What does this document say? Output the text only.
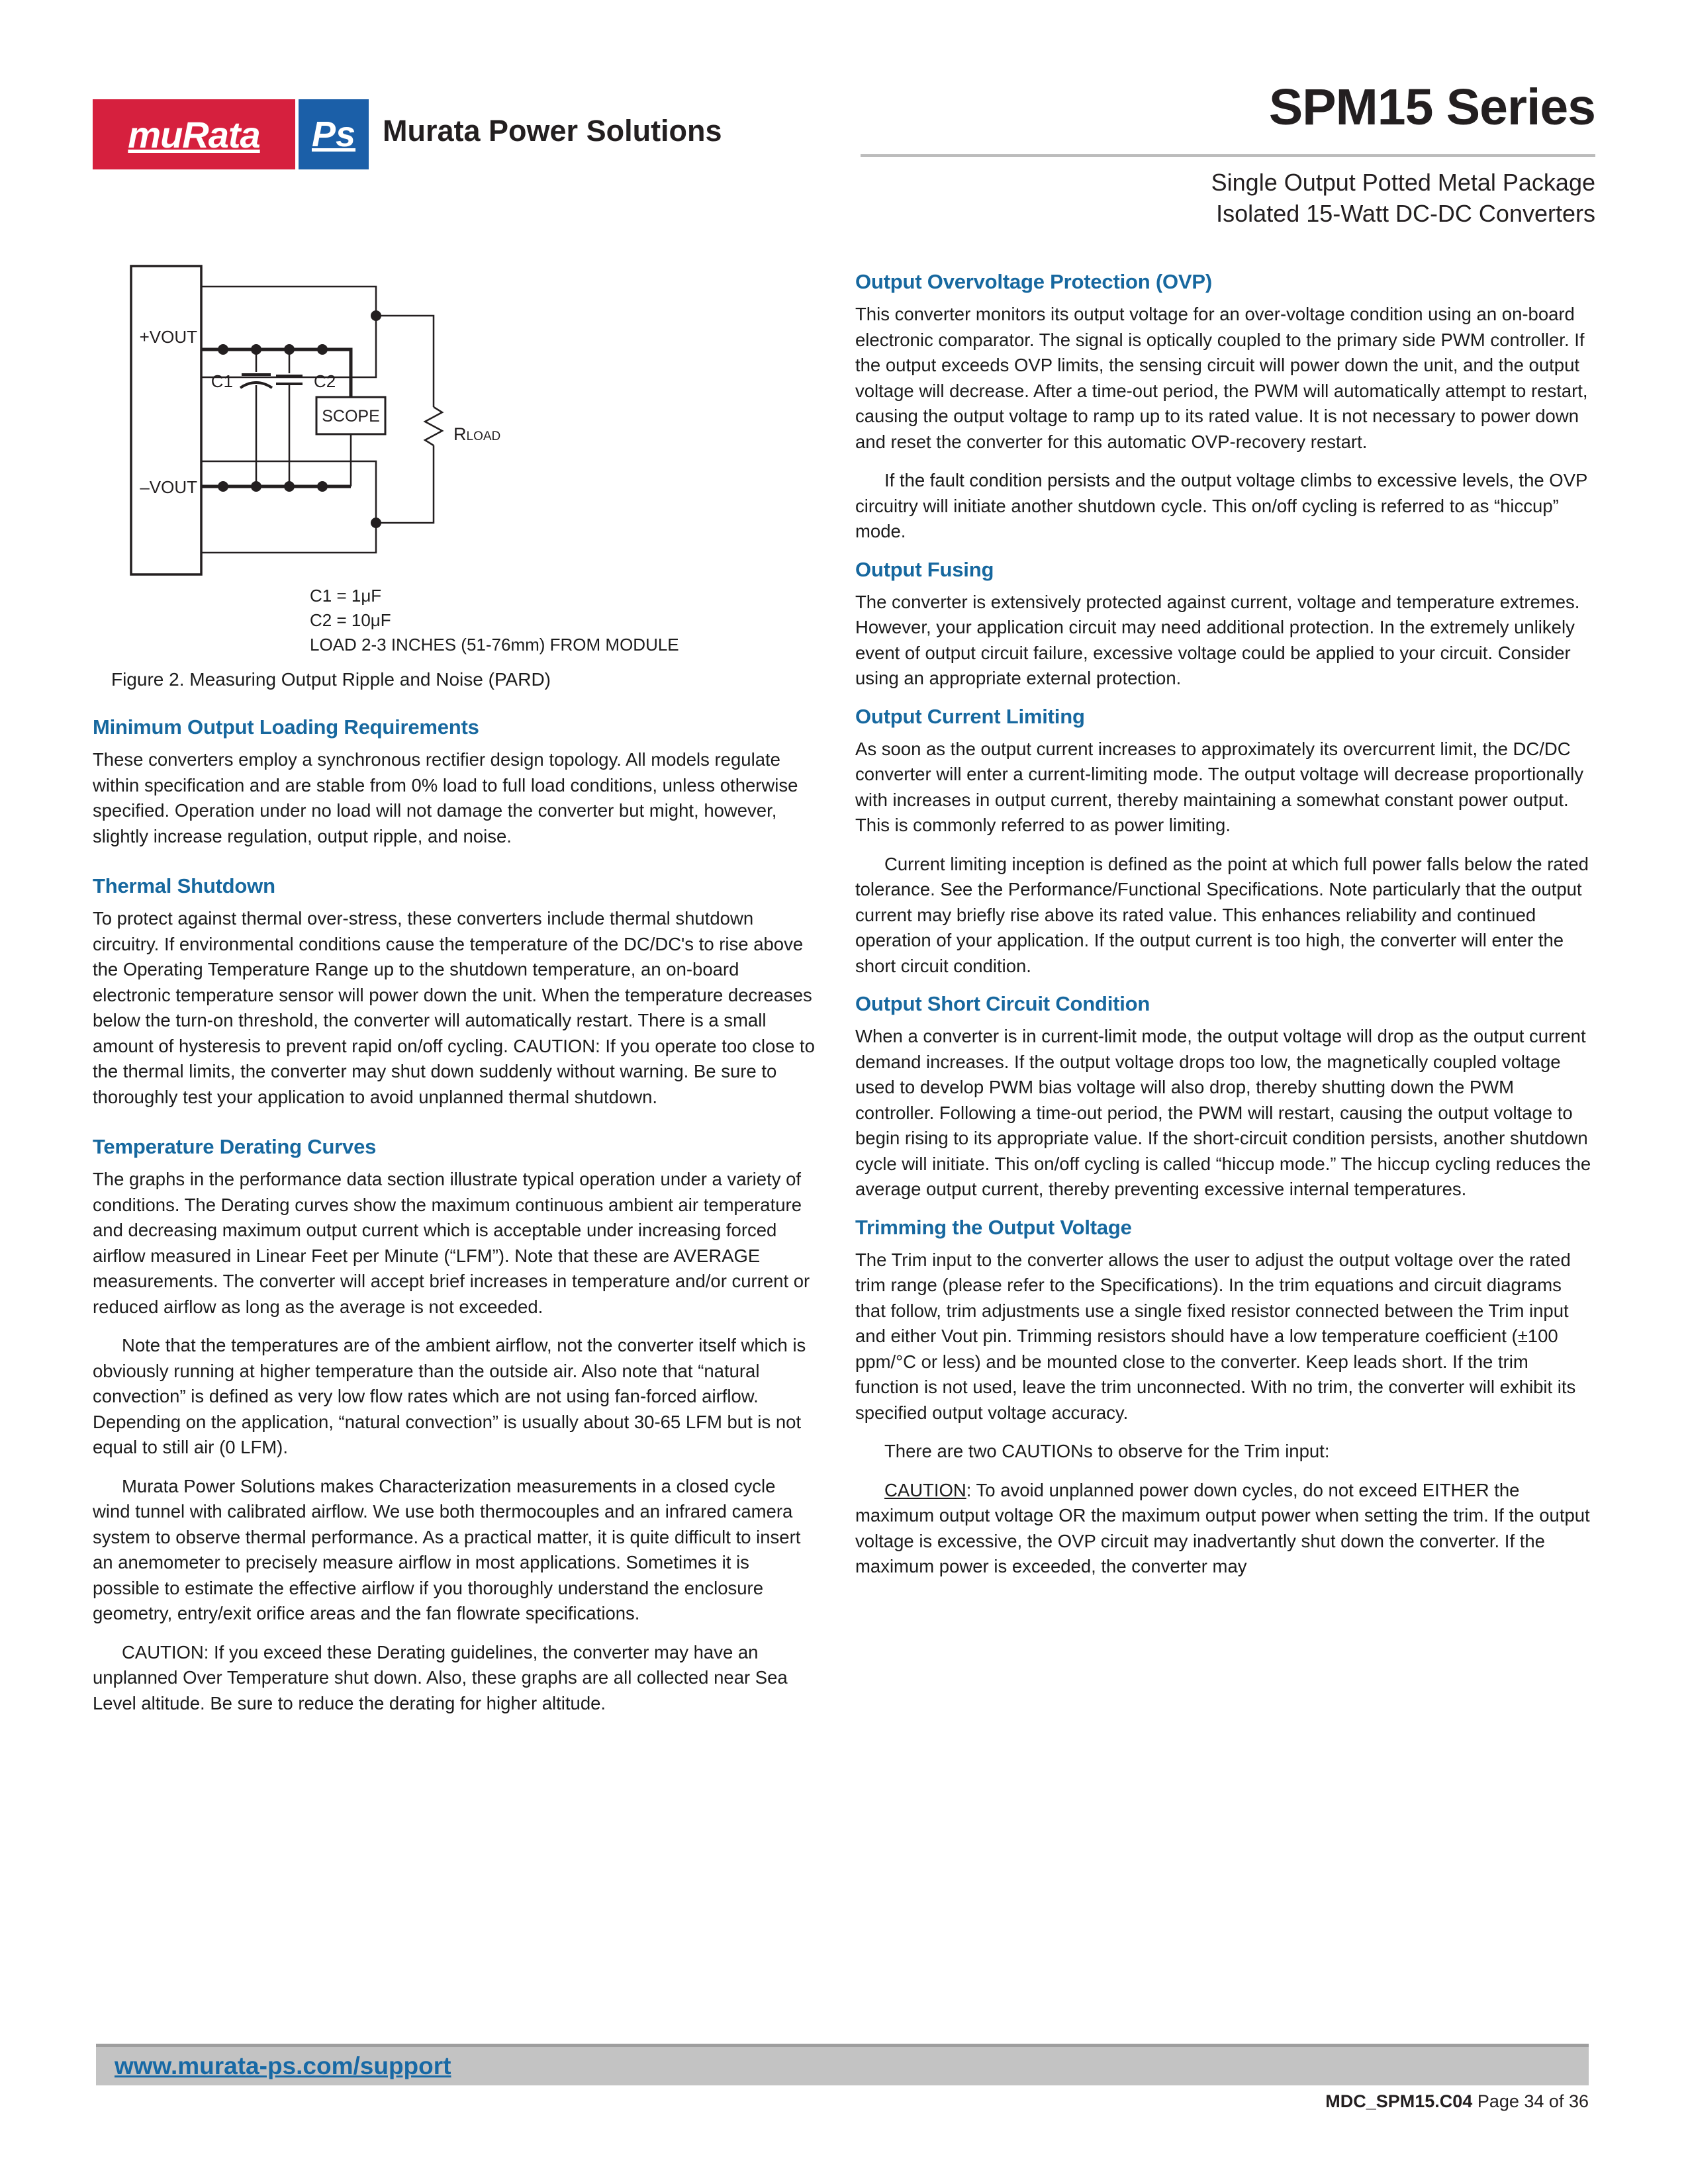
muRata Ps Murata Power Solutions	SPM15 Series
Single Output Potted Metal Package
Isolated 15-Watt DC-DC Converters
+VOUT
–VOUT
C1	C2
SCOPE
RLOAD
C1 = 1μF
C2 = 10μF
LOAD 2-3 INCHES (51-76mm) FROM MODULE
Figure 2. Measuring Output Ripple and Noise (PARD)
Minimum Output Loading Requirements

These converters employ a synchronous rectifier design topology. All models regulate within specification and are stable from 0% load to full load conditions, unless otherwise specified. Operation under no load will not damage the converter but might, however, slightly increase regulation, output ripple, and noise.

Thermal Shutdown

To protect against thermal over-stress, these converters include thermal shutdown circuitry. If environmental conditions cause the temperature of the DC/DC's to rise above the Operating Temperature Range up to the shutdown temperature, an on-board electronic temperature sensor will power down the unit. When the temperature decreases below the turn-on threshold, the converter will automatically restart. There is a small amount of hysteresis to prevent rapid on/off cycling. CAUTION: If you operate too close to the thermal limits, the converter may shut down suddenly without warning. Be sure to thoroughly test your application to avoid unplanned thermal shutdown.

Temperature Derating Curves

The graphs in the performance data section illustrate typical operation under a variety of conditions. The Derating curves show the maximum continuous ambient air temperature and decreasing maximum output current which is acceptable under increasing forced airflow measured in Linear Feet per Minute (“LFM”). Note that these are AVERAGE measurements. The converter will accept brief increases in temperature and/or current or reduced airflow as long as the average is not exceeded.

Note that the temperatures are of the ambient airflow, not the converter itself which is obviously running at higher temperature than the outside air. Also note that “natural convection” is defined as very low flow rates which are not using fan-forced airflow. Depending on the application, “natural convection” is usually about 30-65 LFM but is not equal to still air (0 LFM).

Murata Power Solutions makes Characterization measurements in a closed cycle wind tunnel with calibrated airflow. We use both thermocouples and an infrared camera system to observe thermal performance. As a practical matter, it is quite difficult to insert an anemometer to precisely measure airflow in most applications. Sometimes it is possible to estimate the effective airflow if you thoroughly understand the enclosure geometry, entry/exit orifice areas and the fan flowrate specifications.

CAUTION: If you exceed these Derating guidelines, the converter may have an unplanned Over Temperature shut down. Also, these graphs are all collected near Sea Level altitude. Be sure to reduce the derating for higher altitude.

Output Overvoltage Protection (OVP)

This converter monitors its output voltage for an over-voltage condition using an on-board electronic comparator. The signal is optically coupled to the primary side PWM controller. If the output exceeds OVP limits, the sensing circuit will power down the unit, and the output voltage will decrease. After a time-out period, the PWM will automatically attempt to restart, causing the output voltage to ramp up to its rated value. It is not necessary to power down and reset the converter for this automatic OVP-recovery restart.

If the fault condition persists and the output voltage climbs to excessive levels, the OVP circuitry will initiate another shutdown cycle. This on/off cycling is referred to as “hiccup” mode.

Output Fusing

The converter is extensively protected against current, voltage and temperature extremes. However, your application circuit may need additional protection. In the extremely unlikely event of output circuit failure, excessive voltage could be applied to your circuit. Consider using an appropriate external protection.

Output Current Limiting

As soon as the output current increases to approximately its overcurrent limit, the DC/DC converter will enter a current-limiting mode. The output voltage will decrease proportionally with increases in output current, thereby maintaining a somewhat constant power output. This is commonly referred to as power limiting.

Current limiting inception is defined as the point at which full power falls below the rated tolerance. See the Performance/Functional Specifications. Note particularly that the output current may briefly rise above its rated value. This enhances reliability and continued operation of your application. If the output current is too high, the converter will enter the short circuit condition.

Output Short Circuit Condition

When a converter is in current-limit mode, the output voltage will drop as the output current demand increases. If the output voltage drops too low, the magnetically coupled voltage used to develop PWM bias voltage will also drop, thereby shutting down the PWM controller. Following a time-out period, the PWM will restart, causing the output voltage to begin rising to its appropriate value. If the short-circuit condition persists, another shutdown cycle will initiate. This on/off cycling is called “hiccup mode.” The hiccup cycling reduces the average output current, thereby preventing excessive internal temperatures.

Trimming the Output Voltage

The Trim input to the converter allows the user to adjust the output voltage over the rated trim range (please refer to the Specifications). In the trim equations and circuit diagrams that follow, trim adjustments use a single fixed resistor connected between the Trim input and either Vout pin. Trimming resistors should have a low temperature coefficient (±100 ppm/°C or less) and be mounted close to the converter. Keep leads short. If the trim function is not used, leave the trim unconnected. With no trim, the converter will exhibit its specified output voltage accuracy.

There are two CAUTIONs to observe for the Trim input:

CAUTION: To avoid unplanned power down cycles, do not exceed EITHER the maximum output voltage OR the maximum output power when setting the trim. If the output voltage is excessive, the OVP circuit may inadvertantly shut down the converter. If the maximum power is exceeded, the converter may

www.murata-ps.com/support
MDC_SPM15.C04 Page 34 of 36
